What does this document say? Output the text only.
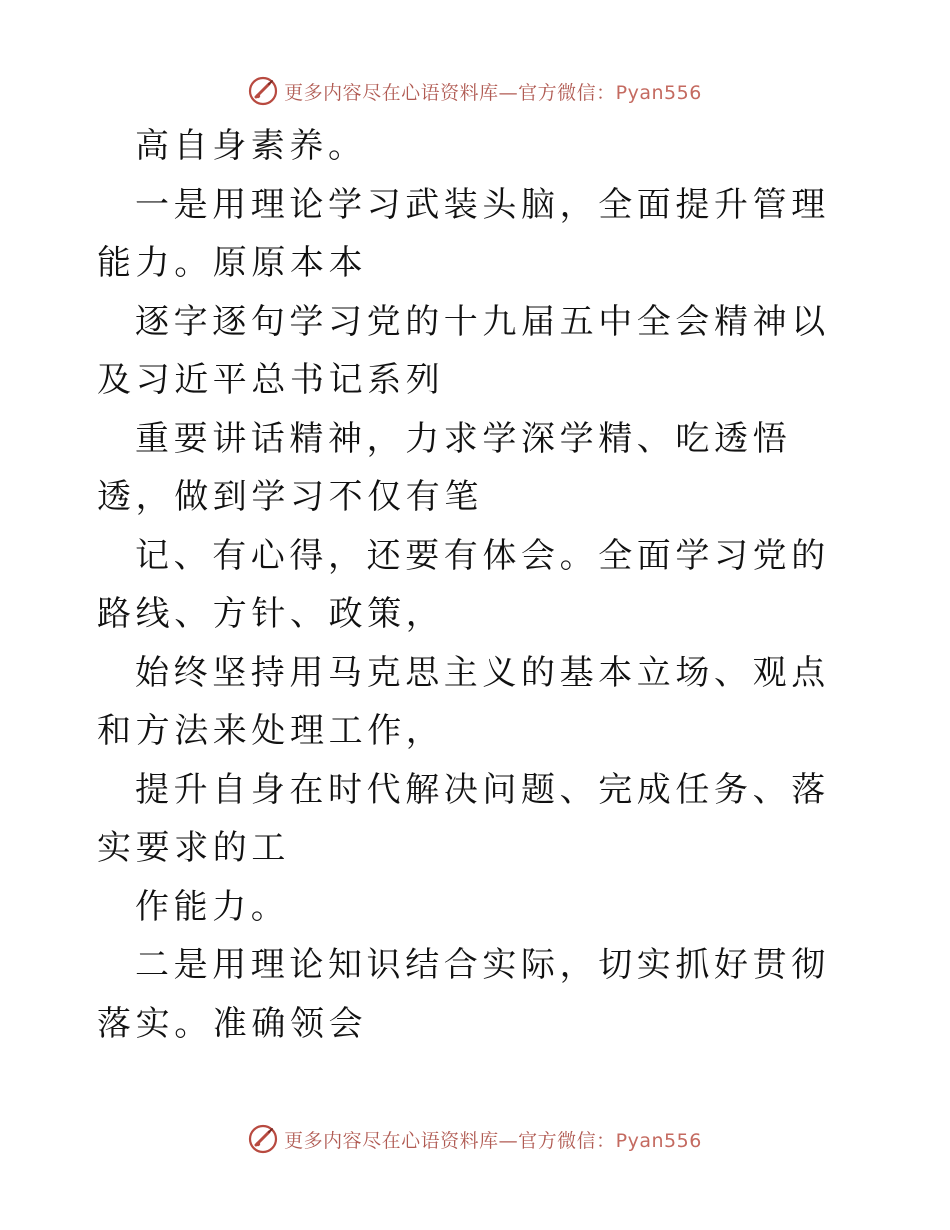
更多内容尽在心语资料库—官方微信：Pyan556

高自身素养。

一是用理论学习武装头脑，全面提升管理能力。原原本本

逐字逐句学习党的十九届五中全会精神以及习近平总书记系列

重要讲话精神，力求学深学精、吃透悟透，做到学习不仅有笔

记、有心得，还要有体会。全面学习党的路线、方针、政策，

始终坚持用马克思主义的基本立场、观点和方法来处理工作，

提升自身在时代解决问题、完成任务、落实要求的工

作能力。

二是用理论知识结合实际，切实抓好贯彻落实。准确领会

更多内容尽在心语资料库—官方微信：Pyan556
